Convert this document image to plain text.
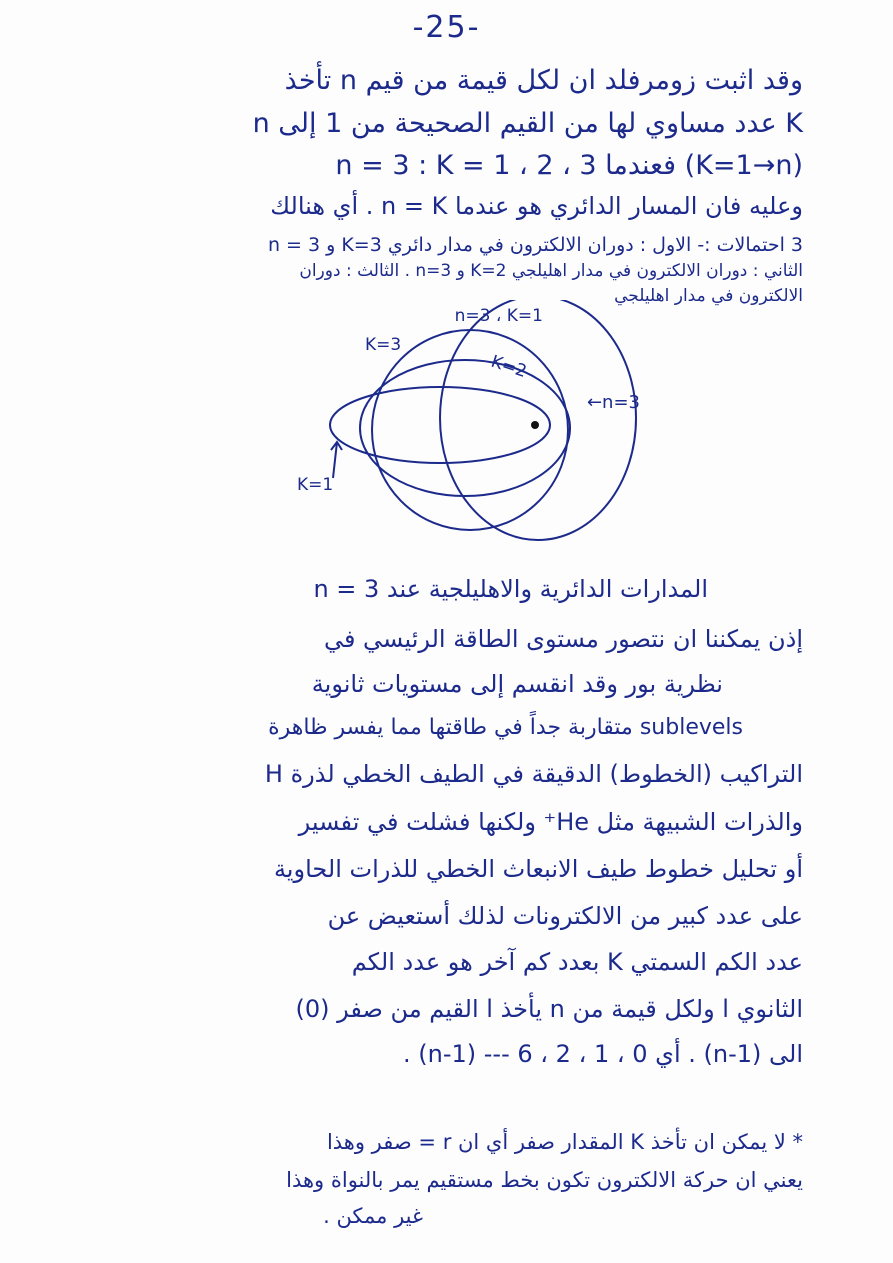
-25-
وقد اثبت زومرفلد ان لكل قيمة من قيم n تأخذ
K عدد مساوي لها من القيم الصحيحة من 1 إلى n
(K=1→n) فعندما n = 3 : K = 1 ، 2 ، 3
وعليه فان المسار الدائري هو عندما n = K . أي هنالك
3 احتمالات :- الاول : دوران الالكترون في مدار دائري K=3 و n = 3
الثاني : دوران الالكترون في مدار اهليلجي K=2 و n=3 . الثالث : دوران
الالكترون في مدار اهليلجي
n=3 ، K=1
K=3
K=2
←n=3
K=1
المدارات الدائرية والاهليلجية عند n = 3
إذن يمكننا ان نتصور مستوى الطاقة الرئيسي في
نظرية بور وقد انقسم إلى مستويات ثانوية
sublevels متقاربة جداً في طاقتها مما يفسر ظاهرة
التراكيب (الخطوط) الدقيقة في الطيف الخطي لذرة H
والذرات الشبيهة مثل He⁺ ولكنها فشلت في تفسير
أو تحليل خطوط طيف الانبعاث الخطي للذرات الحاوية
على عدد كبير من الالكترونات لذلك أستعيض عن
عدد الكم السمتي K بعدد كم آخر هو عدد الكم
الثانوي l ولكل قيمة من n يأخذ l القيم من صفر (0)
الى (n-1) . أي 0 ، 1 ، 2 ، 6 --- (n-1) .
* لا يمكن ان تأخذ K المقدار صفر أي ان r = صفر وهذا
يعني ان حركة الالكترون تكون بخط مستقيم يمر بالنواة وهذا
غير ممكن .
